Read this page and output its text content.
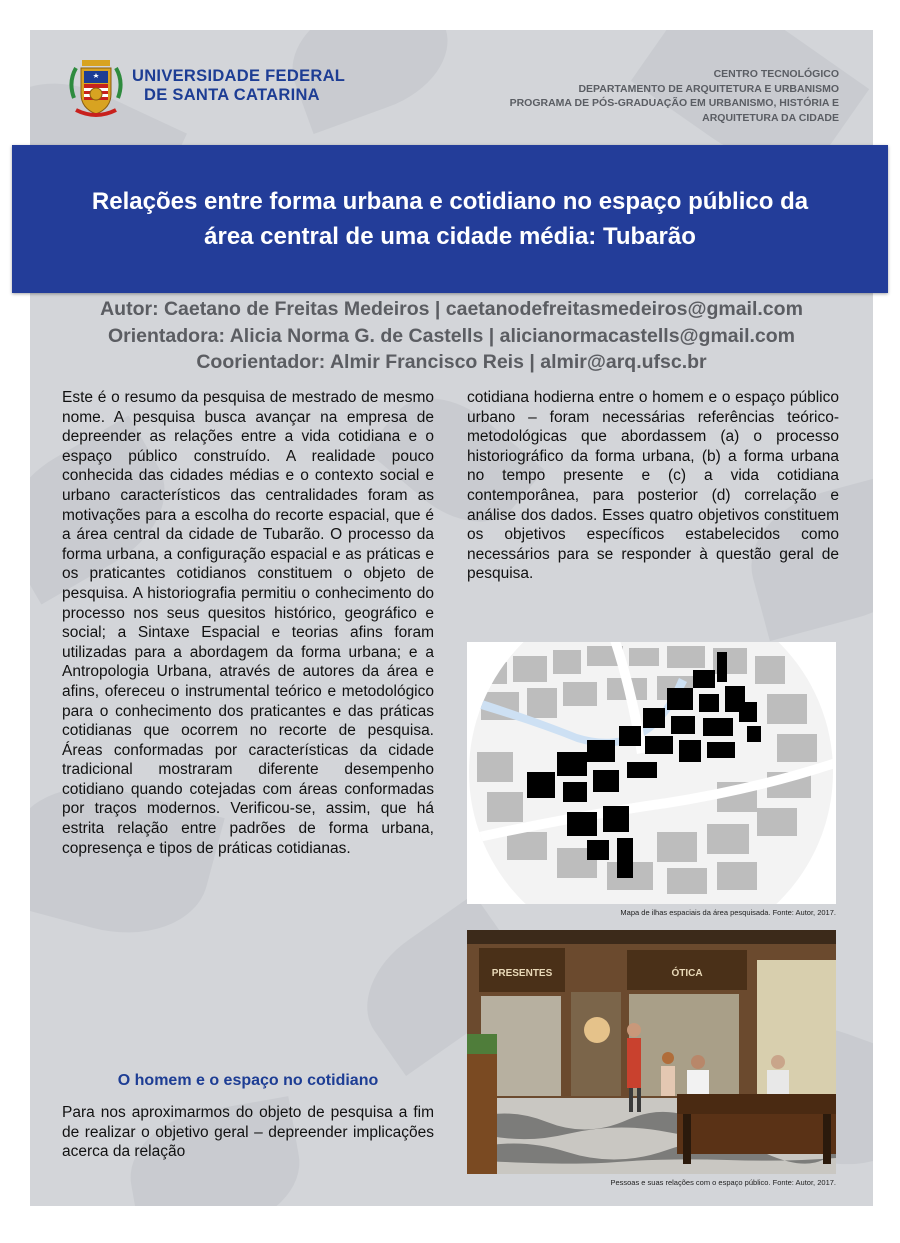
UNIVERSIDADE FEDERAL
DE SANTA CATARINA
CENTRO TECNOLÓGICO
DEPARTAMENTO DE ARQUITETURA E URBANISMO
PROGRAMA DE PÓS-GRADUAÇÃO EM URBANISMO, HISTÓRIA E
ARQUITETURA DA CIDADE
Relações entre forma urbana e cotidiano no espaço público da
área central de uma cidade média: Tubarão
Autor: Caetano de Freitas Medeiros | caetanodefreitasmedeiros@gmail.com
Orientadora: Alicia Norma G. de Castells | alicianormacastells@gmail.com
Coorientador: Almir Francisco Reis | almir@arq.ufsc.br

Este é o resumo da pesquisa de mestrado de mesmo nome. A pesquisa busca avançar na empresa de depreender as relações entre a vida cotidiana e o espaço público construído. A realidade pouco conhecida das cidades médias e o contexto social e urbano característicos das centralidades foram as motivações para a escolha do recorte espacial, que é a área central da cidade de Tubarão. O processo da forma urbana, a configuração espacial e as práticas e os praticantes cotidianos constituem o objeto de pesquisa. A historiografia permitiu o conhecimento do processo nos seus quesitos histórico, geográfico e social; a Sintaxe Espacial e teorias afins foram utilizadas para a abordagem da forma urbana; e a Antropologia Urbana, através de autores da área e afins, ofereceu o instrumental teórico e metodológico para o conhecimento dos praticantes e das práticas cotidianas que ocorrem no recorte de pesquisa. Áreas conformadas por características da cidade tradicional mostraram diferente desempenho cotidiano quando cotejadas com áreas conformadas por traços modernos. Verificou-se, assim, que há estrita relação entre padrões de forma urbana, copresença e tipos de práticas cotidianas.

O homem e o espaço no cotidiano

Para nos aproximarmos do objeto de pesquisa a fim de realizar o objetivo geral – depreender implicações acerca da relação

cotidiana hodierna entre o homem e o espaço público urbano – foram necessárias referências teórico-metodológicas que abordassem (a) o processo historiográfico da forma urbana, (b) a forma urbana no tempo presente e (c) a vida cotidiana contemporânea, para posterior (d) correlação e análise dos dados. Esses quatro objetivos constituem os objetivos específicos estabelecidos como necessários para se responder à questão geral de pesquisa.

Mapa de ilhas espaciais da área pesquisada. Fonte: Autor, 2017.
PRESENTES	ÓTICA
Pessoas e suas relações com o espaço público. Fonte: Autor, 2017.
